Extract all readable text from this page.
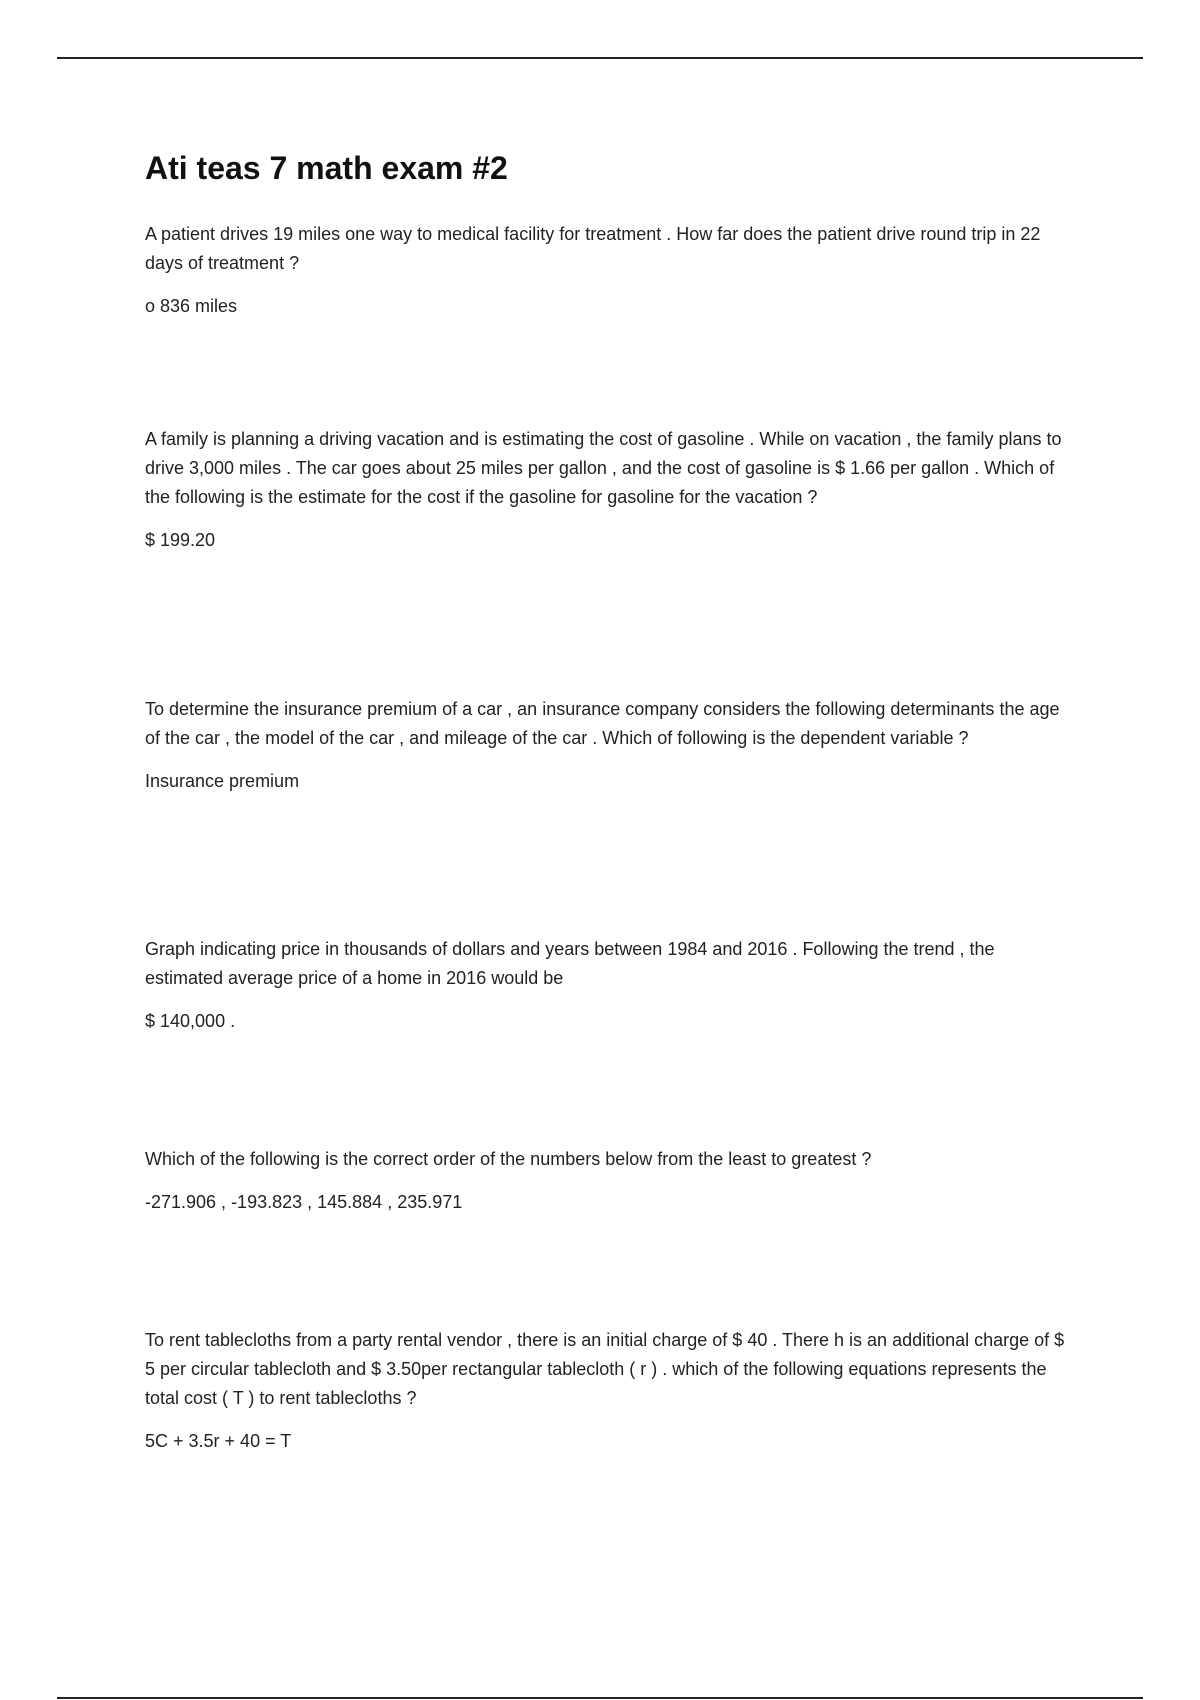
Ati teas 7 math exam #2

A patient drives 19 miles one way to medical facility for treatment . How far does the patient drive round trip in 22 days of treatment ?

o 836 miles

A family is planning a driving vacation and is estimating the cost of gasoline . While on vacation , the family plans to drive 3,000 miles . The car goes about 25 miles per gallon , and the cost of gasoline is $ 1.66 per gallon . Which of the following is the estimate for the cost if the gasoline for gasoline for the vacation ?

$ 199.20

To determine the insurance premium of a car , an insurance company considers the following determinants the age of the car , the model of the car , and mileage of the car . Which of following is the dependent variable ?

Insurance premium

Graph indicating price in thousands of dollars and years between 1984 and 2016 . Following the trend , the estimated average price of a home in 2016 would be

$ 140,000 .

Which of the following is the correct order of the numbers below from the least to greatest ?

-271.906 , -193.823 , 145.884 , 235.971

To rent tablecloths from a party rental vendor , there is an initial charge of $ 40 . There h is an additional charge of $ 5 per circular tablecloth and $ 3.50per rectangular tablecloth ( r ) . which of the following equations represents the total cost ( T ) to rent tablecloths ?

5C + 3.5r + 40 = T
